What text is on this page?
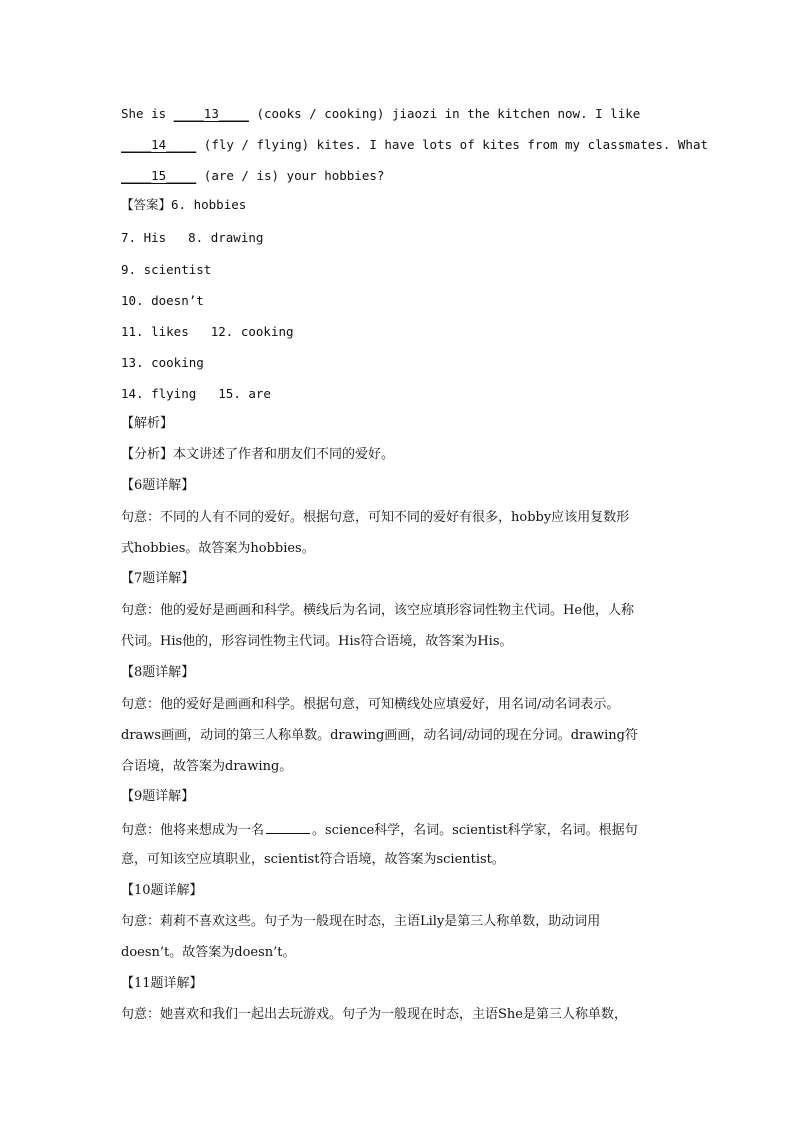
She is ____13____ (cooks / cooking) jiaozi in the kitchen now. I like
____14____ (fly / flying) kites. I have lots of kites from my classmates. What
____15____ (are / is) your hobbies?
【答案】6. hobbies
7. His 8. drawing
9. scientist
10. doesn’t
11. likes 12. cooking
13. cooking
14. flying 15. are
【解析】
【分析】本文讲述了作者和朋友们不同的爱好。
【6题详解】
句意：不同的人有不同的爱好。根据句意，可知不同的爱好有很多，hobby应该用复数形
式hobbies。故答案为hobbies。
【7题详解】
句意：他的爱好是画画和科学。横线后为名词，该空应填形容词性物主代词。He他，人称
代词。His他的，形容词性物主代词。His符合语境，故答案为His。
【8题详解】
句意：他的爱好是画画和科学。根据句意，可知横线处应填爱好，用名词/动名词表示。
draws画画，动词的第三人称单数。drawing画画，动名词/动词的现在分词。drawing符
合语境，故答案为drawing。
【9题详解】
句意：他将来想成为一名	。science科学，名词。scientist科学家，名词。根据句
意，可知该空应填职业，scientist符合语境，故答案为scientist。
【10题详解】
句意：莉莉不喜欢这些。句子为一般现在时态，主语Lily是第三人称单数，助动词用
doesn’t。故答案为doesn’t。
【11题详解】
句意：她喜欢和我们一起出去玩游戏。句子为一般现在时态，主语She是第三人称单数，
